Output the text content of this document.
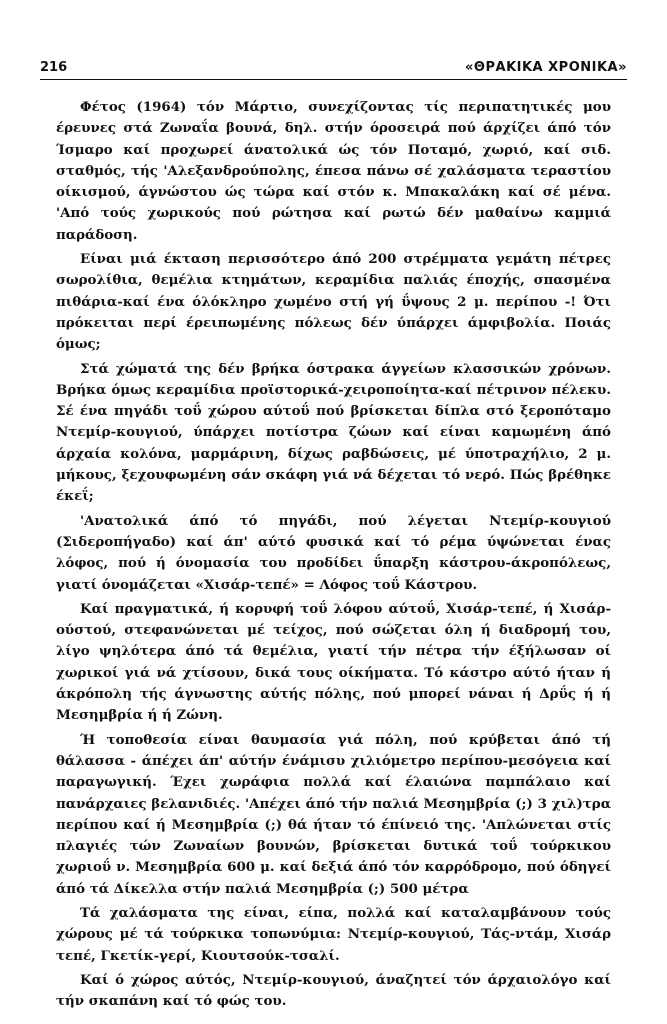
216	«ΘΡΑΚΙΚΑ ΧΡΟΝΙΚΑ»

Φέτος (1964) τόν Μάρτιο, συνεχίζοντας τίς περιπατητικές μου έρευνες στά Ζωναΐα βουνά, δηλ. στήν όροσειρά πού άρχίζει άπό τόν Ίσμαρο καί προχωρεί άνατολικά ώς τόν Ποταμό, χωριό, καί σιδ. σταθμός, τής 'Αλεξανδρούπολης, έπεσα πάνω σέ χαλάσματα τεραστίου οίκισμού, άγνώστου ώς τώρα καί στόν κ. Μπακαλάκη καί σέ μένα. 'Από τούς χωρικούς πού ρώτησα καί ρωτώ δέν μαθαίνω καμμιά παράδοση.

Είναι μιά έκταση περισσότερο άπό 200 στρέμματα γεμάτη πέτρες σωρολίθια, θεμέλια κτημάτων, κεραμίδια παλιάς έποχής, σπασμένα πιθάρια-καί ένα όλόκληρο χωμένο στή γή ΰψους 2 μ. περίπου -! Ότι πρόκειται περί έρειπωμένης πόλεως δέν ύπάρχει άμφιβολία. Ποιάς όμως;

Στά χώματά της δέν βρήκα όστρακα άγγείων κλασσικών χρόνων. Βρήκα όμως κεραμίδια προϊστορικά-χειροποίητα-καί πέτρινον πέλεκυ. Σέ ένα πηγάδι τοΰ χώρου αύτοΰ πού βρίσκεται δίπλα στό ξεροπόταμο Ντεμίρ-κουγιού, ύπάρχει ποτίστρα ζώων καί είναι καμωμένη άπό άρχαία κολόνα, μαρμάρινη, δίχως ραβδώσεις, μέ ύποτραχήλιο, 2 μ. μήκους, ξεχουφωμένη σάν σκάφη γιά νά δέχεται τό νερό. Πώς βρέθηκε έκεΐ;

'Ανατολικά άπό τό πηγάδι, πού λέγεται Ντεμίρ-κουγιού (Σιδεροπήγαδο) καί άπ' αύτό φυσικά καί τό ρέμα ύψώνεται ένας λόφος, πού ή όνομασία του προδίδει ΰπαρξη κάστρου-άκροπόλεως, γιατί όνομάζεται «Χισάρ-τεπέ» = Λόφος τοΰ Κάστρου.

Καί πραγματικά, ή κορυφή τοΰ λόφου αύτοΰ, Χισάρ-τεπέ, ή Χισάρ-ούστού, στεφανώνεται μέ τείχος, πού σώζεται όλη ή διαδρομή του, λίγο ψηλότερα άπό τά θεμέλια, γιατί τήν πέτρα τήν έξήλωσαν οί χωρικοί γιά νά χτίσουν, δικά τους οίκήματα. Τό κάστρο αύτό ήταν ή άκρόπολη τής άγνωστης αύτής πόλης, πού μπορεί νάναι ή Δρΰς ή ή Μεσημβρία ή ή Ζώνη.

Ή τοποθεσία είναι θαυμασία γιά πόλη, πού κρύβεται άπό τή θάλασσα - άπέχει άπ' αύτήν ένάμισυ χιλιόμετρο περίπου-μεσόγεια καί παραγωγική. Έχει χωράφια πολλά καί έλαιώνα παμπάλαιο καί πανάρχαιες βελανιδιές. 'Απέχει άπό τήν παλιά Μεσημβρία (;) 3 χιλ)τρα περίπου καί ή Μεσημβρία (;) θά ήταν τό έπίνειό της. 'Απλώνεται στίς πλαγιές τών Ζωναίων βουνών, βρίσκεται δυτικά τοΰ τούρκικου χωριοΰ ν. Μεσημβρία 600 μ. καί δεξιά άπό τόν καρρόδρομο, πού όδηγεί άπό τά Δίκελλα στήν παλιά Μεσημβρία (;) 500 μέτρα

Τά χαλάσματα της είναι, είπα, πολλά καί καταλαμβάνουν τούς χώρους μέ τά τούρκικα τοπωνύμια: Ντεμίρ-κουγιού, Τάς-ντάμ, Χισάρ τεπέ, Γκετίκ-γερί, Κιουτσούκ-τσαλί.

Καί ό χώρος αύτός, Ντεμίρ-κουγιού, άναζητεί τόν άρχαιολόγο καί τήν σκαπάνη καί τό φώς του.
